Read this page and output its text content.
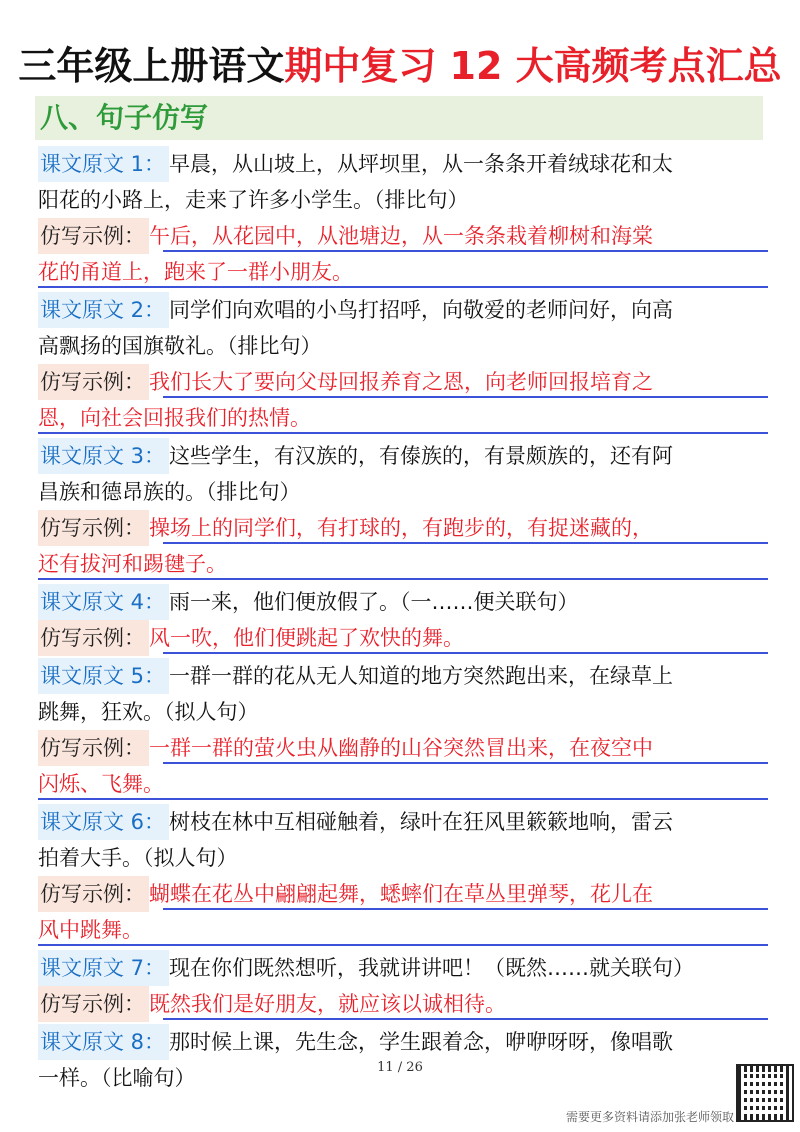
三年级上册语文期中复习 12 大高频考点汇总
八、句子仿写
课文原文 1： 早晨，从山坡上，从坪坝里，从一条条开着绒球花和太
阳花的小路上，走来了许多小学生。（排比句）
仿写示例： 午后，从花园中，从池塘边，从一条条栽着柳树和海棠
花的甬道上，跑来了一群小朋友。
课文原文 2： 同学们向欢唱的小鸟打招呼，向敬爱的老师问好，向高
高飘扬的国旗敬礼。（排比句）
仿写示例： 我们长大了要向父母回报养育之恩，向老师回报培育之
恩，向社会回报我们的热情。
课文原文 3： 这些学生，有汉族的，有傣族的，有景颇族的，还有阿
昌族和德昂族的。（排比句）
仿写示例： 操场上的同学们，有打球的，有跑步的，有捉迷藏的，
还有拔河和踢毽子。
课文原文 4： 雨一来，他们便放假了。（一……便关联句）
仿写示例： 风一吹，他们便跳起了欢快的舞。
课文原文 5： 一群一群的花从无人知道的地方突然跑出来，在绿草上
跳舞，狂欢。（拟人句）
仿写示例： 一群一群的萤火虫从幽静的山谷突然冒出来，在夜空中
闪烁、飞舞。
课文原文 6： 树枝在林中互相碰触着，绿叶在狂风里簌簌地响，雷云
拍着大手。（拟人句）
仿写示例： 蝴蝶在花丛中翩翩起舞，蟋蟀们在草丛里弹琴，花儿在
风中跳舞。
课文原文 7： 现在你们既然想听，我就讲讲吧！（既然……就关联句）
仿写示例： 既然我们是好朋友，就应该以诚相待。
课文原文 8： 那时候上课，先生念，学生跟着念，咿咿呀呀，像唱歌
一样。（比喻句）	11 / 26
需要更多资料请添加张老师领取
